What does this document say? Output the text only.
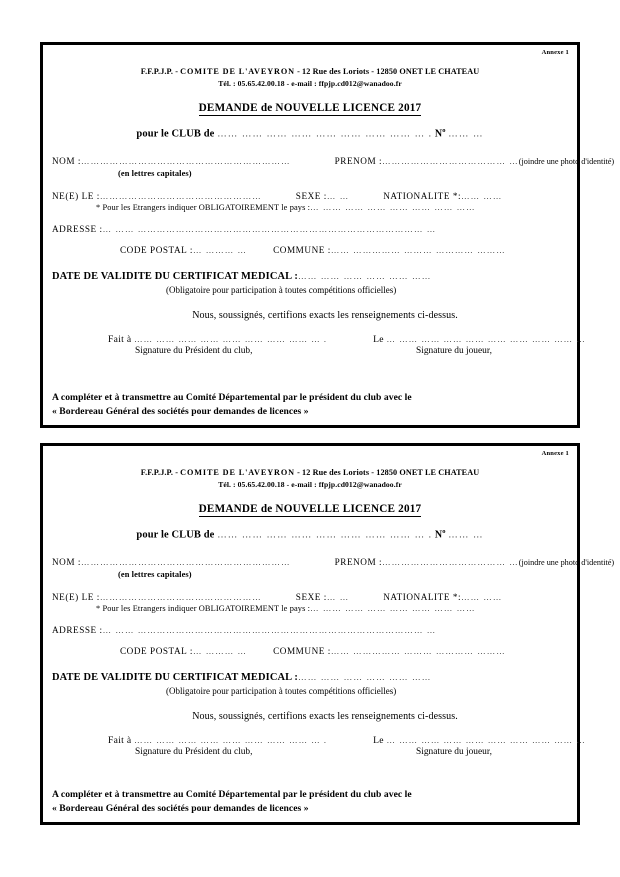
Annexe 1
F.F.P.J.P. - COMITE DE L'AVEYRON - 12 Rue des Loriots - 12850 ONET LE CHATEAU
Tél. : 05.65.42.00.18 - e-mail : ffpjp.cd012@wanadoo.fr
DEMANDE de NOUVELLE LICENCE 2017
pour le CLUB de …… …… …… …… …… …… …… …… … . $N^o$ …… …
NOM :…………………………………………………………	PRENOM :………………………………… …(joindre une photo d'identité)
(en lettres capitales)
NE(E) LE :……………………………………………	SEXE :… …	NATIONALITE *:…… ……
* Pour les Etrangers indiquer OBLIGATOIREMENT le pays :… …… …… …… …… …… …… ……
ADRESSE :… …… ……………………………………………………………………………… …
CODE POSTAL :… ……… …	COMMUNE :…… …………… ……… ………… ………
DATE DE VALIDITE DU CERTIFICAT MEDICAL :…… …… …… …… …… ……
(Obligatoire pour participation à toutes compétitions officielles)
Nous, soussignés, certifions exacts les renseignements ci-dessus.
Fait à …… …… …… …… …… …… …… …… … .	Le … …… …… …… …… …… …… …… …… …
Signature du Président du club,	Signature du joueur,
A compléter et à transmettre au Comité Départemental par le président du club avec le
« Bordereau Général des sociétés pour demandes de licences »
Annexe 1
F.F.P.J.P. - COMITE DE L'AVEYRON - 12 Rue des Loriots - 12850 ONET LE CHATEAU
Tél. : 05.65.42.00.18 - e-mail : ffpjp.cd012@wanadoo.fr
DEMANDE de NOUVELLE LICENCE 2017
pour le CLUB de …… …… …… …… …… …… …… …… … . $N^o$ …… …
NOM :…………………………………………………………	PRENOM :………………………………… …(joindre une photo d'identité)
(en lettres capitales)
NE(E) LE :……………………………………………	SEXE :… …	NATIONALITE *:…… ……
* Pour les Etrangers indiquer OBLIGATOIREMENT le pays :… …… …… …… …… …… …… ……
ADRESSE :… …… ……………………………………………………………………………… …
CODE POSTAL :… ……… …	COMMUNE :…… …………… ……… ………… ………
DATE DE VALIDITE DU CERTIFICAT MEDICAL :…… …… …… …… …… ……
(Obligatoire pour participation à toutes compétitions officielles)
Nous, soussignés, certifions exacts les renseignements ci-dessus.
Fait à …… …… …… …… …… …… …… …… … .	Le … …… …… …… …… …… …… …… …… …
Signature du Président du club,	Signature du joueur,
A compléter et à transmettre au Comité Départemental par le président du club avec le
« Bordereau Général des sociétés pour demandes de licences »
